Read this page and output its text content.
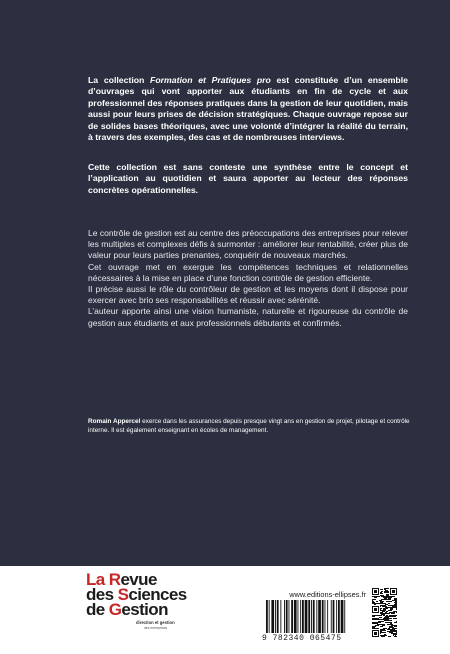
La collection Formation et Pratiques pro est constituée d’un ensemble d’ouvrages qui vont apporter aux étudiants en fin de cycle et aux professionnel des réponses pratiques dans la gestion de leur quotidien, mais aussi pour leurs prises de décision stratégiques. Chaque ouvrage repose sur de solides bases théoriques, avec une volonté d’intégrer la réalité du terrain, à travers des exemples, des cas et de nombreuses interviews.

Cette collection est sans conteste une synthèse entre le concept et l’application au quotidien et saura apporter au lecteur des réponses concrètes opérationnelles.

Le contrôle de gestion est au centre des préoccupations des entreprises pour relever les multiples et complexes défis à surmonter : améliorer leur rentabilité, créer plus de valeur pour leurs parties prenantes, conquérir de nouveaux marchés.
Cet ouvrage met en exergue les compétences techniques et relationnelles nécessaires à la mise en place d’une fonction contrôle de gestion efficiente.
Il précise aussi le rôle du contrôleur de gestion et les moyens dont il dispose pour exercer avec brio ses responsabilités et réussir avec sérénité.
L’auteur apporte ainsi une vision humaniste, naturelle et rigoureuse du contrôle de gestion aux étudiants et aux professionnels débutants et confirmés.

Romain Appercel exerce dans les assurances depuis presque vingt ans en gestion de projet, pilotage et contrôle interne. Il est également enseignant en écoles de management.

La Revue
des Sciences
de Gestion
direction et gestion
des entreprises
www.editions-ellipses.fr
9 782340 065475
